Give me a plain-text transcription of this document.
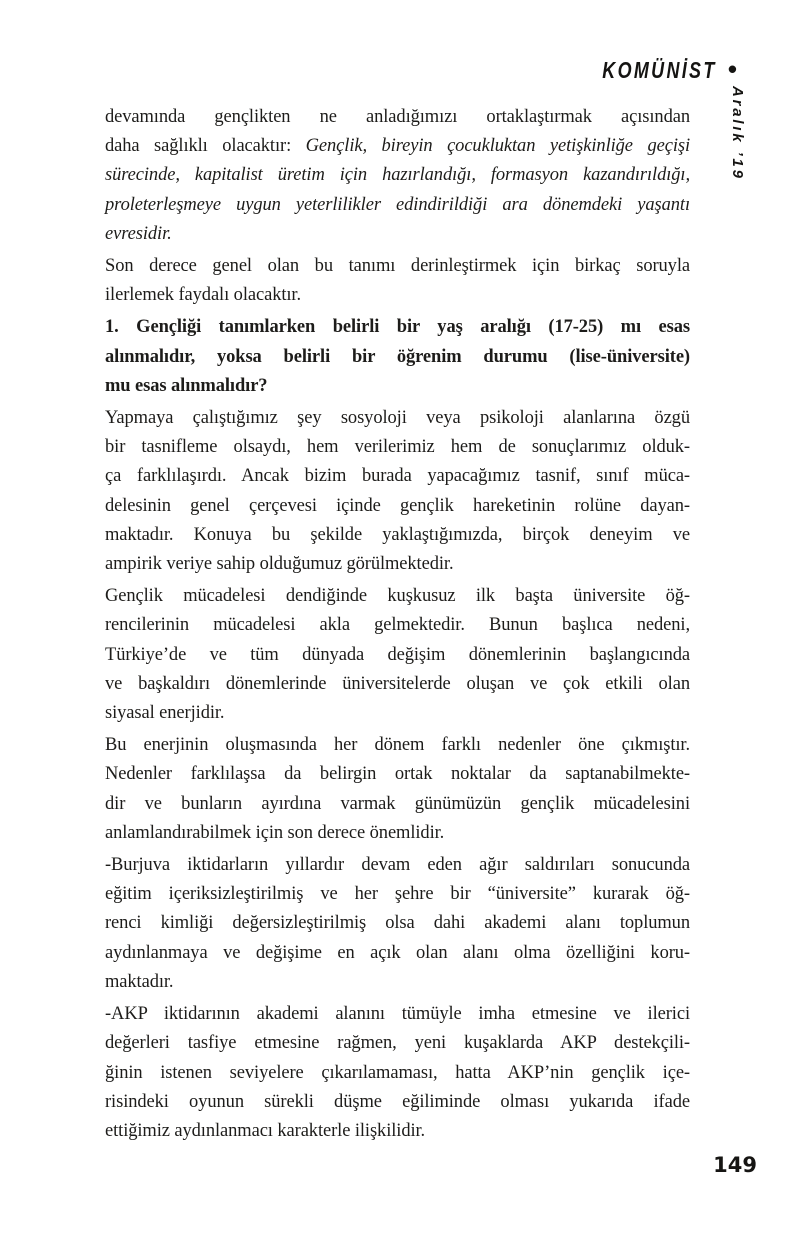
KOMÜNİST •
Aralık ’19
devamında gençlikten ne anladığımızı ortaklaştırmak açısından
daha sağlıklı olacaktır: Gençlik, bireyin çocukluktan yetişkinliğe geçişi
sürecinde, kapitalist üretim için hazırlandığı, formasyon kazandırıldığı,
proleterleşmeye uygun yeterlilikler edindirildiği ara dönemdeki yaşantı
evresidir.
Son derece genel olan bu tanımı derinleştirmek için birkaç soruyla
ilerlemek faydalı olacaktır.
1. Gençliği tanımlarken belirli bir yaş aralığı (17-25) mı esas
alınmalıdır, yoksa belirli bir öğrenim durumu (lise-üniversite)
mu esas alınmalıdır?
Yapmaya çalıştığımız şey sosyoloji veya psikoloji alanlarına özgü
bir tasnifleme olsaydı, hem verilerimiz hem de sonuçlarımız olduk-
ça farklılaşırdı. Ancak bizim burada yapacağımız tasnif, sınıf müca-
delesinin genel çerçevesi içinde gençlik hareketinin rolüne dayan-
maktadır. Konuya bu şekilde yaklaştığımızda, birçok deneyim ve
ampirik veriye sahip olduğumuz görülmektedir.
Gençlik mücadelesi dendiğinde kuşkusuz ilk başta üniversite öğ-
rencilerinin mücadelesi akla gelmektedir. Bunun başlıca nedeni,
Türkiye’de ve tüm dünyada değişim dönemlerinin başlangıcında
ve başkaldırı dönemlerinde üniversitelerde oluşan ve çok etkili olan
siyasal enerjidir.
Bu enerjinin oluşmasında her dönem farklı nedenler öne çıkmıştır.
Nedenler farklılaşsa da belirgin ortak noktalar da saptanabilmekte-
dir ve bunların ayırdına varmak günümüzün gençlik mücadelesini
anlamlandırabilmek için son derece önemlidir.
-Burjuva iktidarların yıllardır devam eden ağır saldırıları sonucunda
eğitim içeriksizleştirilmiş ve her şehre bir “üniversite” kurarak öğ-
renci kimliği değersizleştirilmiş olsa dahi akademi alanı toplumun
aydınlanmaya ve değişime en açık olan alanı olma özelliğini koru-
maktadır.
-AKP iktidarının akademi alanını tümüyle imha etmesine ve ilerici
değerleri tasfiye etmesine rağmen, yeni kuşaklarda AKP destekçili-
ğinin istenen seviyelere çıkarılamaması, hatta AKP’nin gençlik içe-
risindeki oyunun sürekli düşme eğiliminde olması yukarıda ifade
ettiğimiz aydınlanmacı karakterle ilişkilidir.
149
